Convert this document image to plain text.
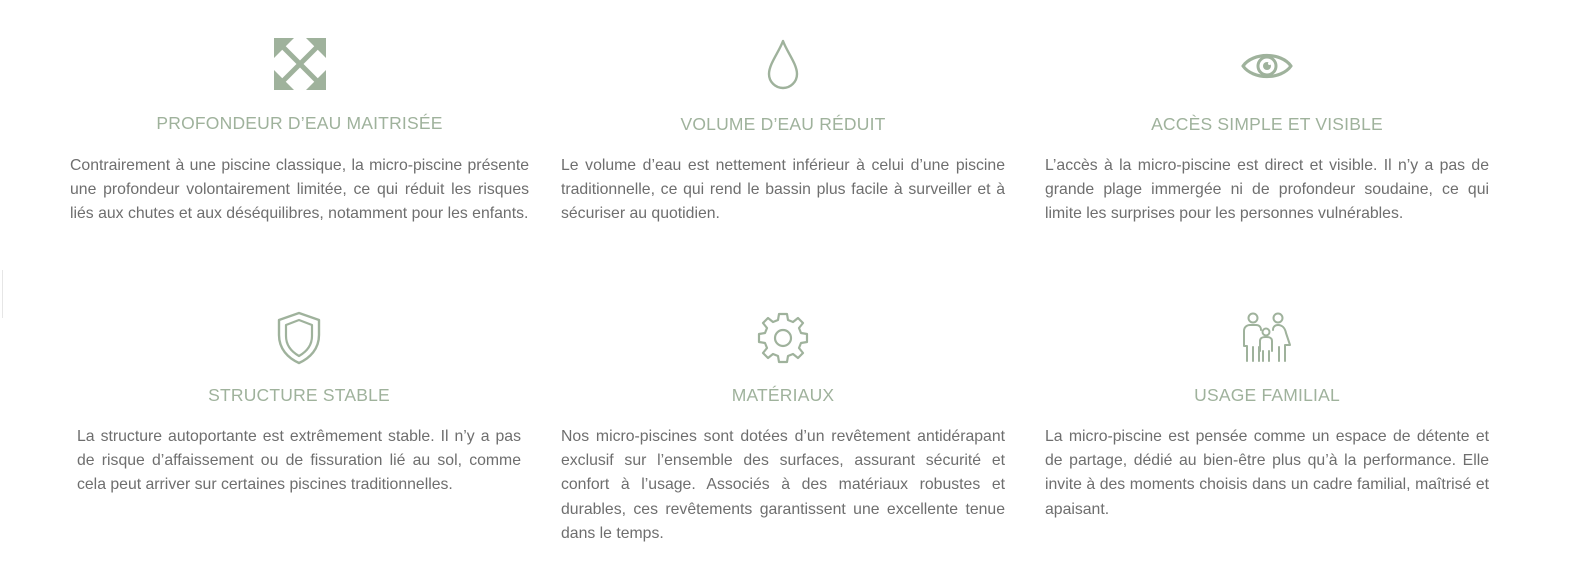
PROFONDEUR D’EAU MAITRISÉE

Contrairement à une piscine classique, la micro-piscine présente une profondeur volontairement limitée, ce qui réduit les risques liés aux chutes et aux déséquilibres, notamment pour les enfants.

VOLUME D’EAU RÉDUIT

Le volume d’eau est nettement inférieur à celui d’une piscine traditionnelle, ce qui rend le bassin plus facile à surveiller et à sécuriser au quotidien.

ACCÈS SIMPLE ET VISIBLE

L’accès à la micro-piscine est direct et visible. Il n’y a pas de grande plage immergée ni de profondeur soudaine, ce qui limite les surprises pour les personnes vulnérables.

STRUCTURE STABLE

La structure autoportante est extrêmement stable. Il n’y a pas de risque d’affaissement ou de fissuration lié au sol, comme cela peut arriver sur certaines piscines traditionnelles.

MATÉRIAUX

Nos micro-piscines sont dotées d’un revêtement antidérapant exclusif sur l’ensemble des surfaces, assurant sécurité et confort à l’usage. Associés à des matériaux robustes et durables, ces revêtements garantissent une excellente tenue dans le temps.

USAGE FAMILIAL

La micro-piscine est pensée comme un espace de détente et de partage, dédié au bien-être plus qu’à la performance. Elle invite à des moments choisis dans un cadre familial, maîtrisé et apaisant.
